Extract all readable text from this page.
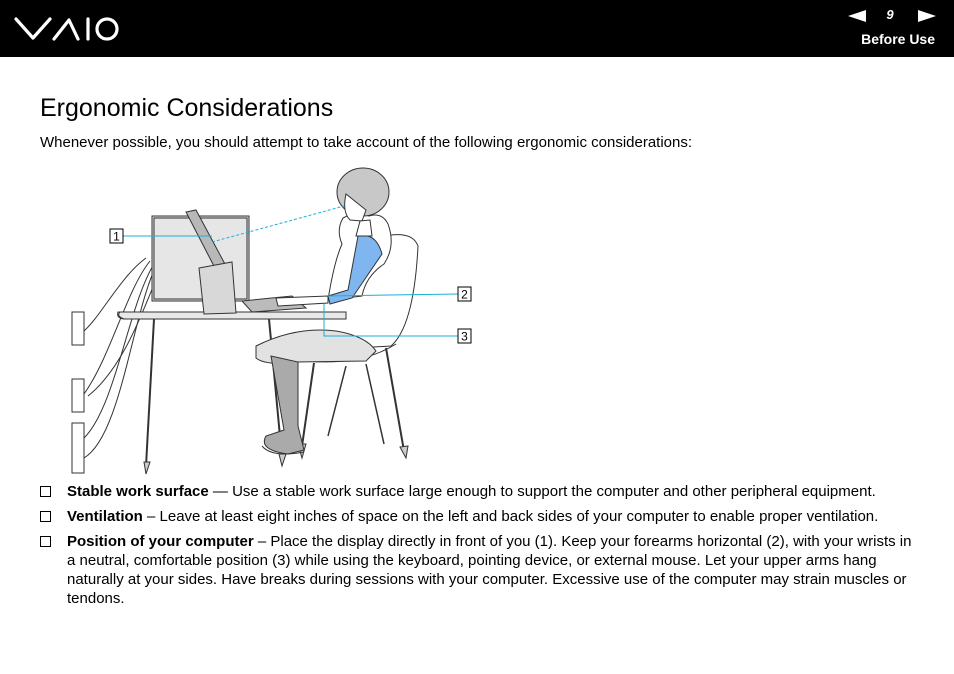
9
Before Use
Ergonomic Considerations

Whenever possible, you should attempt to take account of the following ergonomic considerations:

1
2
3
Stable work surface — Use a stable work surface large enough to support the computer and other peripheral equipment.
Ventilation – Leave at least eight inches of space on the left and back sides of your computer to enable proper ventilation.
Position of your computer – Place the display directly in front of you (1). Keep your forearms horizontal (2), with your wrists in a neutral, comfortable position (3) while using the keyboard, pointing device, or external mouse. Let your upper arms hang naturally at your sides. Have breaks during sessions with your computer. Excessive use of the computer may strain muscles or tendons.
